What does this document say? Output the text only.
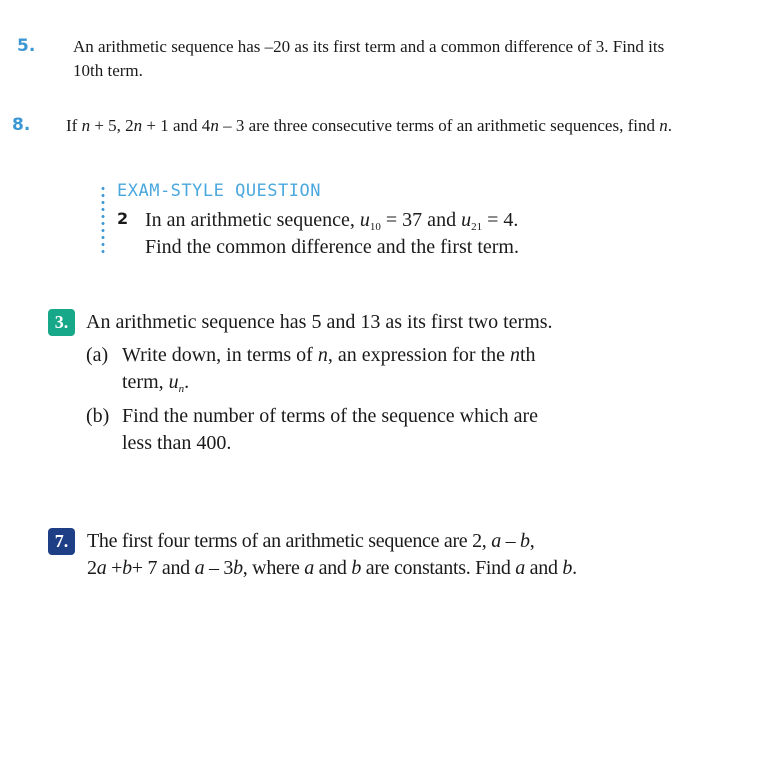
5. An arithmetic sequence has –20 as its first term and a common difference of 3. Find its
10th term.
8. If n + 5, 2n + 1 and 4n – 3 are three consecutive terms of an arithmetic sequences, find n.
EXAM-STYLE QUESTION
2 In an arithmetic sequence, $u_{10} = 37$ and $u_{21} = 4$.
Find the common difference and the first term.
3. An arithmetic sequence has 5 and 13 as its first two terms.
(a) Write down, in terms of n, an expression for the nth
term, $u_n$.
(b) Find the number of terms of the sequence which are
less than 400.
7. The first four terms of an arithmetic sequence are 2, a – b,
2a +b+ 7 and a – 3b, where a and b are constants. Find a and b.
